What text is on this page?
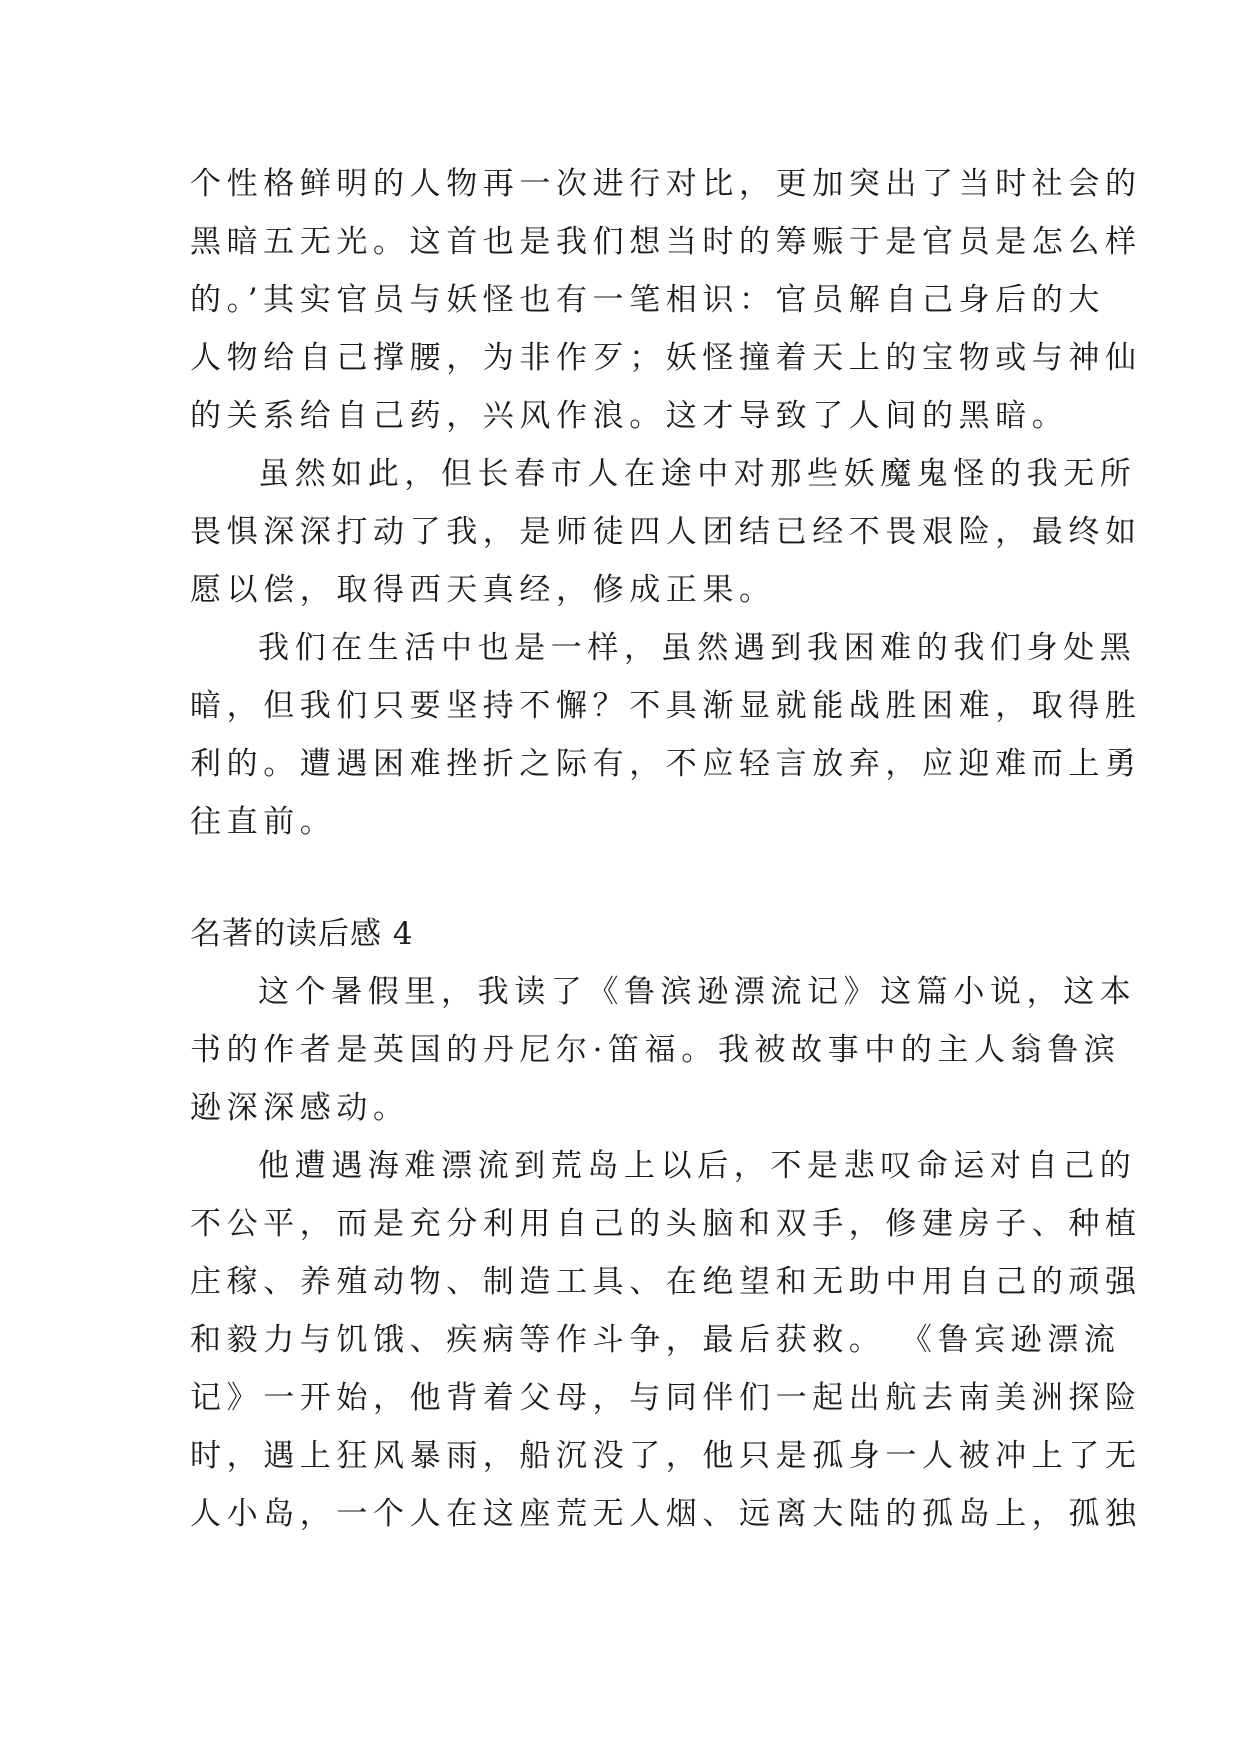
个性格鲜明的人物再一次进行对比，更加突出了当时社会的
黑暗五无光。这首也是我们想当时的筹赈于是官员是怎么样
的。’其实官员与妖怪也有一笔相识：官员解自己身后的大
人物给自己撑腰，为非作歹；妖怪撞着天上的宝物或与神仙
的关系给自己药，兴风作浪。这才导致了人间的黑暗。
虽然如此，但长春市人在途中对那些妖魔鬼怪的我无所
畏惧深深打动了我，是师徒四人团结已经不畏艰险，最终如
愿以偿，取得西天真经，修成正果。
我们在生活中也是一样，虽然遇到我困难的我们身处黑
暗，但我们只要坚持不懈？不具渐显就能战胜困难，取得胜
利的。遭遇困难挫折之际有，不应轻言放弃，应迎难而上勇
往直前。
名著的读后感 4
这个暑假里，我读了《鲁滨逊漂流记》这篇小说，这本
书的作者是英国的丹尼尔·笛福。我被故事中的主人翁鲁滨
逊深深感动。
他遭遇海难漂流到荒岛上以后，不是悲叹命运对自己的
不公平，而是充分利用自己的头脑和双手，修建房子、种植
庄稼、养殖动物、制造工具、在绝望和无助中用自己的顽强
和毅力与饥饿、疾病等作斗争，最后获救。 《鲁宾逊漂流
记》一开始，他背着父母，与同伴们一起出航去南美洲探险
时，遇上狂风暴雨，船沉没了，他只是孤身一人被冲上了无
人小岛，一个人在这座荒无人烟、远离大陆的孤岛上，孤独
